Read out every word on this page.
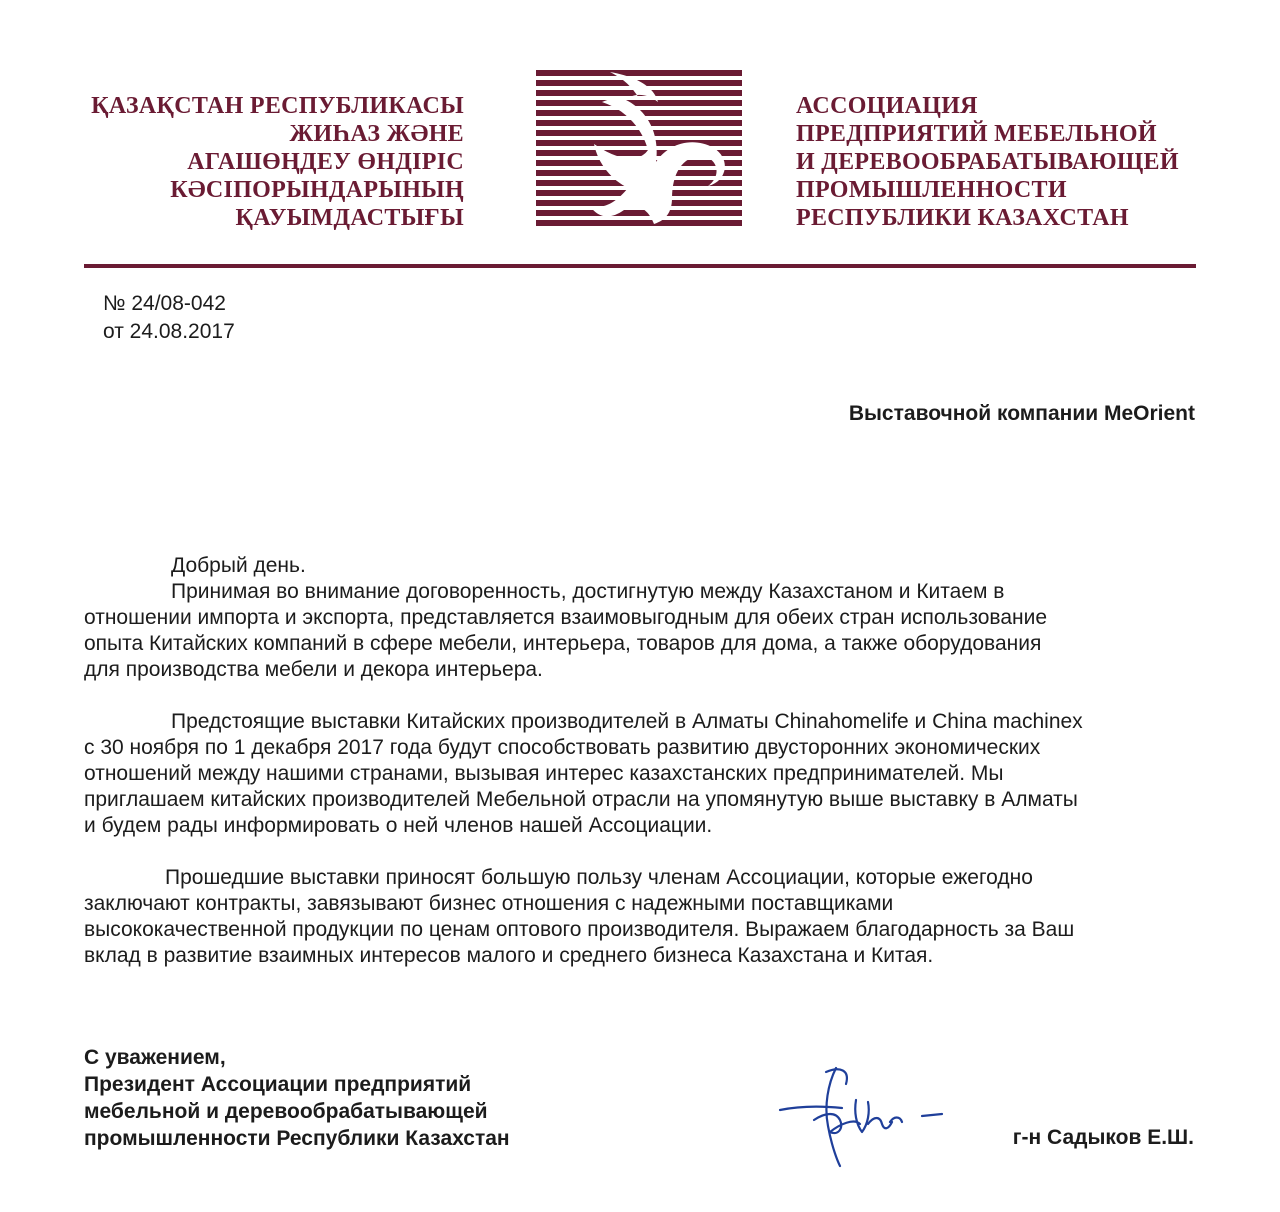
ҚАЗАҚСТАН РЕСПУБЛИКАСЫ
ЖИҺАЗ ЖӘНЕ
АГАШӨҢДЕУ ӨНДІРІС
КӘСІПОРЫНДАРЫНЫҢ
ҚАУЫМДАСТЫҒЫ
АССОЦИАЦИЯ
ПРЕДПРИЯТИЙ МЕБЕЛЬНОЙ
И ДЕРЕВООБРАБАТЫВАЮЩЕЙ
ПРОМЫШЛЕННОСТИ
РЕСПУБЛИКИ КАЗАХСТАН
№ 24/08-042
от 24.08.2017
Выставочной компании MeOrient
Добрый день.

Принимая во внимание договоренность, достигнутую между Казахстаном и Китаем в
отношении импорта и экспорта, представляется взаимовыгодным для обеих стран использование
опыта Китайских компаний в сфере мебели, интерьера, товаров для дома, а также оборудования
для производства мебели и декора интерьера.

Предстоящие выставки Китайских производителей в Алматы Chinahomelife и China machinex
с 30 ноября по 1 декабря 2017 года будут способствовать развитию двусторонних экономических
отношений между нашими странами, вызывая интерес казахстанских предпринимателей. Мы
приглашаем китайских производителей Мебельной отрасли на упомянутую выше выставку в Алматы
и будем рады информировать о ней членов нашей Ассоциации.

Прошедшие выставки приносят большую пользу членам Ассоциации, которые ежегодно
заключают контракты, завязывают бизнес отношения с надежными поставщиками
высококачественной продукции по ценам оптового производителя. Выражаем благодарность за Ваш
вклад в развитие взаимных интересов малого и среднего бизнеса Казахстана и Китая.

С уважением,
Президент Ассоциации предприятий
мебельной и деревообрабатывающей
промышленности Республики Казахстан	г-н Садыков Е.Ш.
